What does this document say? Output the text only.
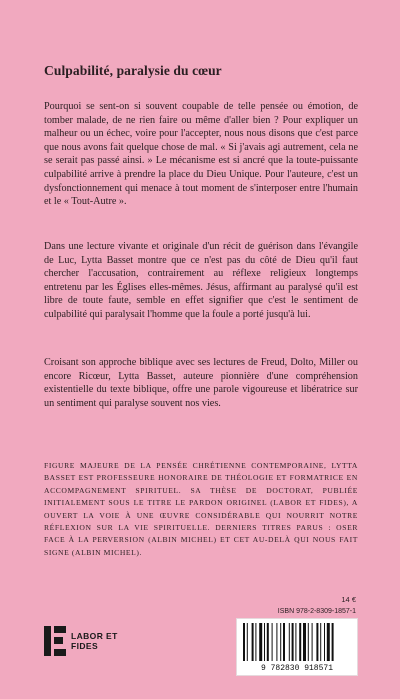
Culpabilité, paralysie du cœur
Pourquoi se sent-on si souvent coupable de telle pensée ou émotion, de tomber malade, de ne rien faire ou même d'aller bien ? Pour expliquer un malheur ou un échec, voire pour l'accepter, nous nous disons que c'est parce que nous avons fait quelque chose de mal. « Si j'avais agi autrement, cela ne se serait pas passé ainsi. » Le mécanisme est si ancré que la toute-puissante culpabilité arrive à prendre la place du Dieu Unique. Pour l'auteure, c'est un dysfonctionnement qui menace à tout moment de s'interposer entre l'humain et le « Tout-Autre ».
Dans une lecture vivante et originale d'un récit de guérison dans l'évangile de Luc, Lytta Basset montre que ce n'est pas du côté de Dieu qu'il faut chercher l'accusation, contrairement au réflexe religieux longtemps entretenu par les Églises elles-mêmes. Jésus, affirmant au paralysé qu'il est libre de toute faute, semble en effet signifier que c'est le sentiment de culpabilité qui paralysait l'homme que la foule a porté jusqu'à lui.
Croisant son approche biblique avec ses lectures de Freud, Dolto, Miller ou encore Ricœur, Lytta Basset, auteure pionnière d'une compréhension existentielle du texte biblique, offre une parole vigoureuse et libératrice sur un sentiment qui paralyse souvent nos vies.
FIGURE MAJEURE DE LA PENSÉE CHRÉTIENNE CONTEMPORAINE, LYTTA BASSET EST PROFESSEURE HONORAIRE DE THÉOLOGIE ET FORMATRICE EN ACCOMPAGNEMENT SPIRITUEL. SA THÈSE DE DOCTORAT, PUBLIÉE INITIALEMENT SOUS LE TITRE LE PARDON ORIGINEL (LABOR ET FIDES), A OUVERT LA VOIE À UNE ŒUVRE CONSIDÉRABLE QUI NOURRIT NOTRE RÉFLEXION SUR LA VIE SPIRITUELLE. DERNIERS TITRES PARUS : OSER FACE À LA PERVERSION (ALBIN MICHEL) ET CET AU-DELÀ QUI NOUS FAIT SIGNE (ALBIN MICHEL).
14 €
ISBN 978-2-8309-1857-1
LABOR ET FIDES
9 782830 918571
